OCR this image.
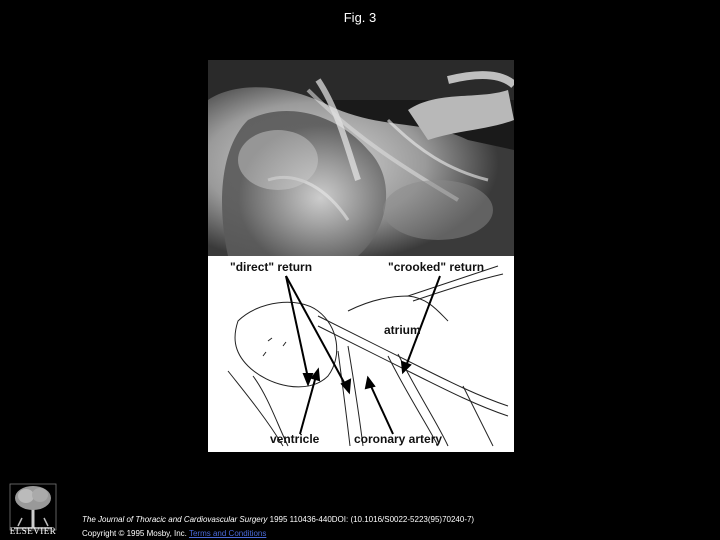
Fig. 3
"direct" return	"crooked" return
atrium
ventricle	coronary artery
ELSEVIER
The Journal of Thoracic and Cardiovascular Surgery 1995 110436-440DOI: (10.1016/S0022-5223(95)70240-7)
Copyright © 1995 Mosby, Inc. Terms and Conditions
